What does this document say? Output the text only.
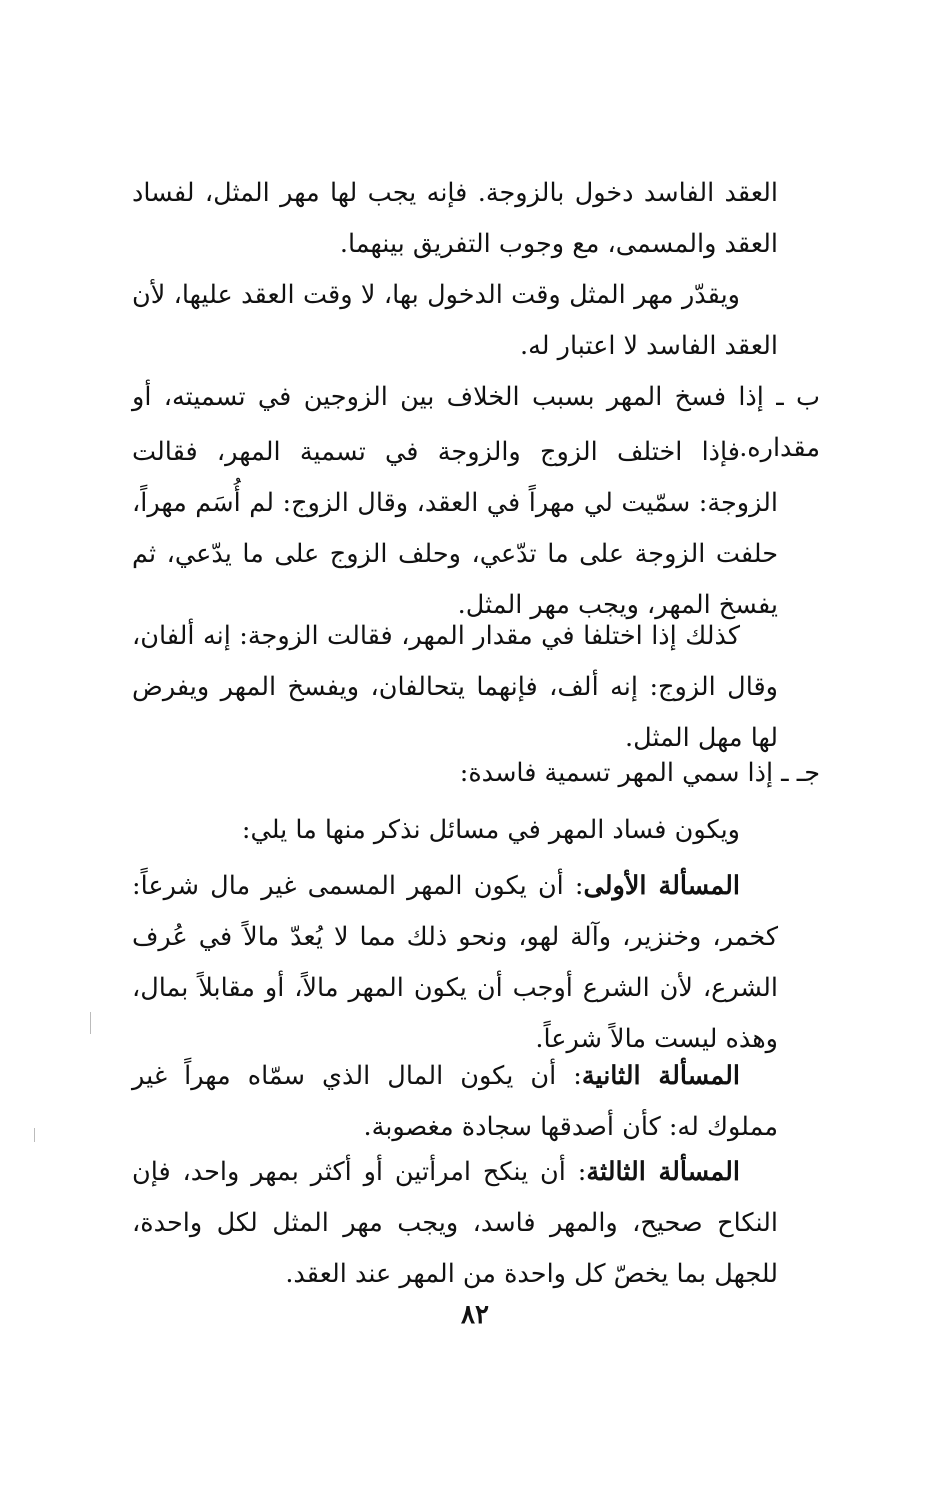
العقد الفاسد دخول بالزوجة. فإنه يجب لها مهر المثل، لفساد العقد والمسمى، مع وجوب التفريق بينهما.

ويقدّر مهر المثل وقت الدخول بها، لا وقت العقد عليها، لأن العقد الفاسد لا اعتبار له.

ب ـ إذا فسخ المهر بسبب الخلاف بين الزوجين في تسميته، أو مقداره.

فإذا اختلف الزوج والزوجة في تسمية المهر، فقالت الزوجة: سمّيت لي مهراً في العقد، وقال الزوج: لم أُسَم مهراً، حلفت الزوجة على ما تدّعي، وحلف الزوج على ما يدّعي، ثم يفسخ المهر، ويجب مهر المثل.

كذلك إذا اختلفا في مقدار المهر، فقالت الزوجة: إنه ألفان، وقال الزوج: إنه ألف، فإنهما يتحالفان، ويفسخ المهر ويفرض لها مهل المثل.

جـ ـ إذا سمي المهر تسمية فاسدة:

ويكون فساد المهر في مسائل نذكر منها ما يلي:

المسألة الأولى: أن يكون المهر المسمى غير مال شرعاً: كخمر، وخنزير، وآلة لهو، ونحو ذلك مما لا يُعدّ مالاً في عُرف الشرع، لأن الشرع أوجب أن يكون المهر مالاً، أو مقابلاً بمال، وهذه ليست مالاً شرعاً.

المسألة الثانية: أن يكون المال الذي سمّاه مهراً غير مملوك له: كأن أصدقها سجادة مغصوبة.

المسألة الثالثة: أن ينكح امرأتين أو أكثر بمهر واحد، فإن النكاح صحيح، والمهر فاسد، ويجب مهر المثل لكل واحدة، للجهل بما يخصّ كل واحدة من المهر عند العقد.

٨٢
